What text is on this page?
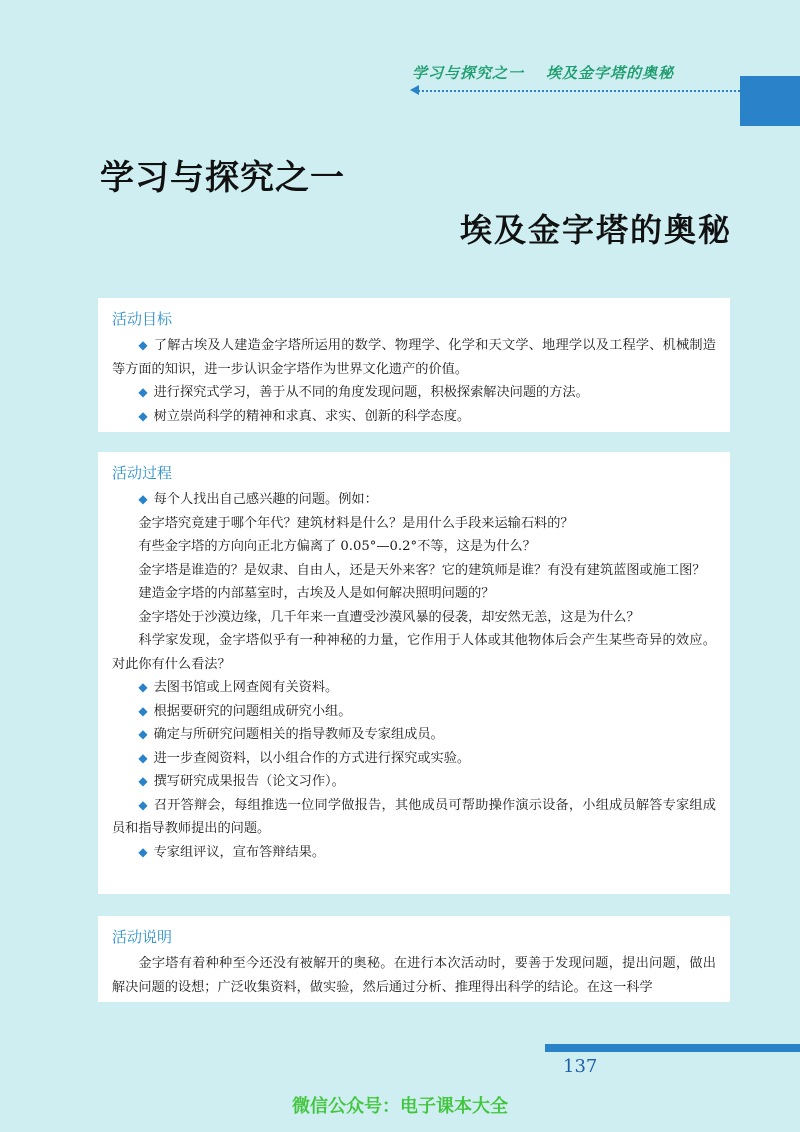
学习与探究之一 埃及金字塔的奥秘
学习与探究之一
埃及金字塔的奥秘
活动目标

◆ 了解古埃及人建造金字塔所运用的数学、物理学、化学和天文学、地理学以及工程学、机械制造等方面的知识，进一步认识金字塔作为世界文化遗产的价值。

◆ 进行探究式学习，善于从不同的角度发现问题，积极探索解决问题的方法。

◆ 树立崇尚科学的精神和求真、求实、创新的科学态度。

活动过程

◆ 每个人找出自己感兴趣的问题。例如：

金字塔究竟建于哪个年代？建筑材料是什么？是用什么手段来运输石料的？

有些金字塔的方向向正北方偏离了 0.05°—0.2°不等，这是为什么？

金字塔是谁造的？是奴隶、自由人，还是天外来客？它的建筑师是谁？有没有建筑蓝图或施工图？

建造金字塔的内部墓室时，古埃及人是如何解决照明问题的？

金字塔处于沙漠边缘，几千年来一直遭受沙漠风暴的侵袭，却安然无恙，这是为什么？

科学家发现，金字塔似乎有一种神秘的力量，它作用于人体或其他物体后会产生某些奇异的效应。对此你有什么看法？

◆ 去图书馆或上网查阅有关资料。

◆ 根据要研究的问题组成研究小组。

◆ 确定与所研究问题相关的指导教师及专家组成员。

◆ 进一步查阅资料，以小组合作的方式进行探究或实验。

◆ 撰写研究成果报告（论文习作）。

◆ 召开答辩会，每组推选一位同学做报告，其他成员可帮助操作演示设备，小组成员解答专家组成员和指导教师提出的问题。

◆ 专家组评议，宣布答辩结果。

活动说明

金字塔有着种种至今还没有被解开的奥秘。在进行本次活动时，要善于发现问题，提出问题，做出解决问题的设想；广泛收集资料，做实验，然后通过分析、推理得出科学的结论。在这一科学

137
微信公众号：电子课本大全
